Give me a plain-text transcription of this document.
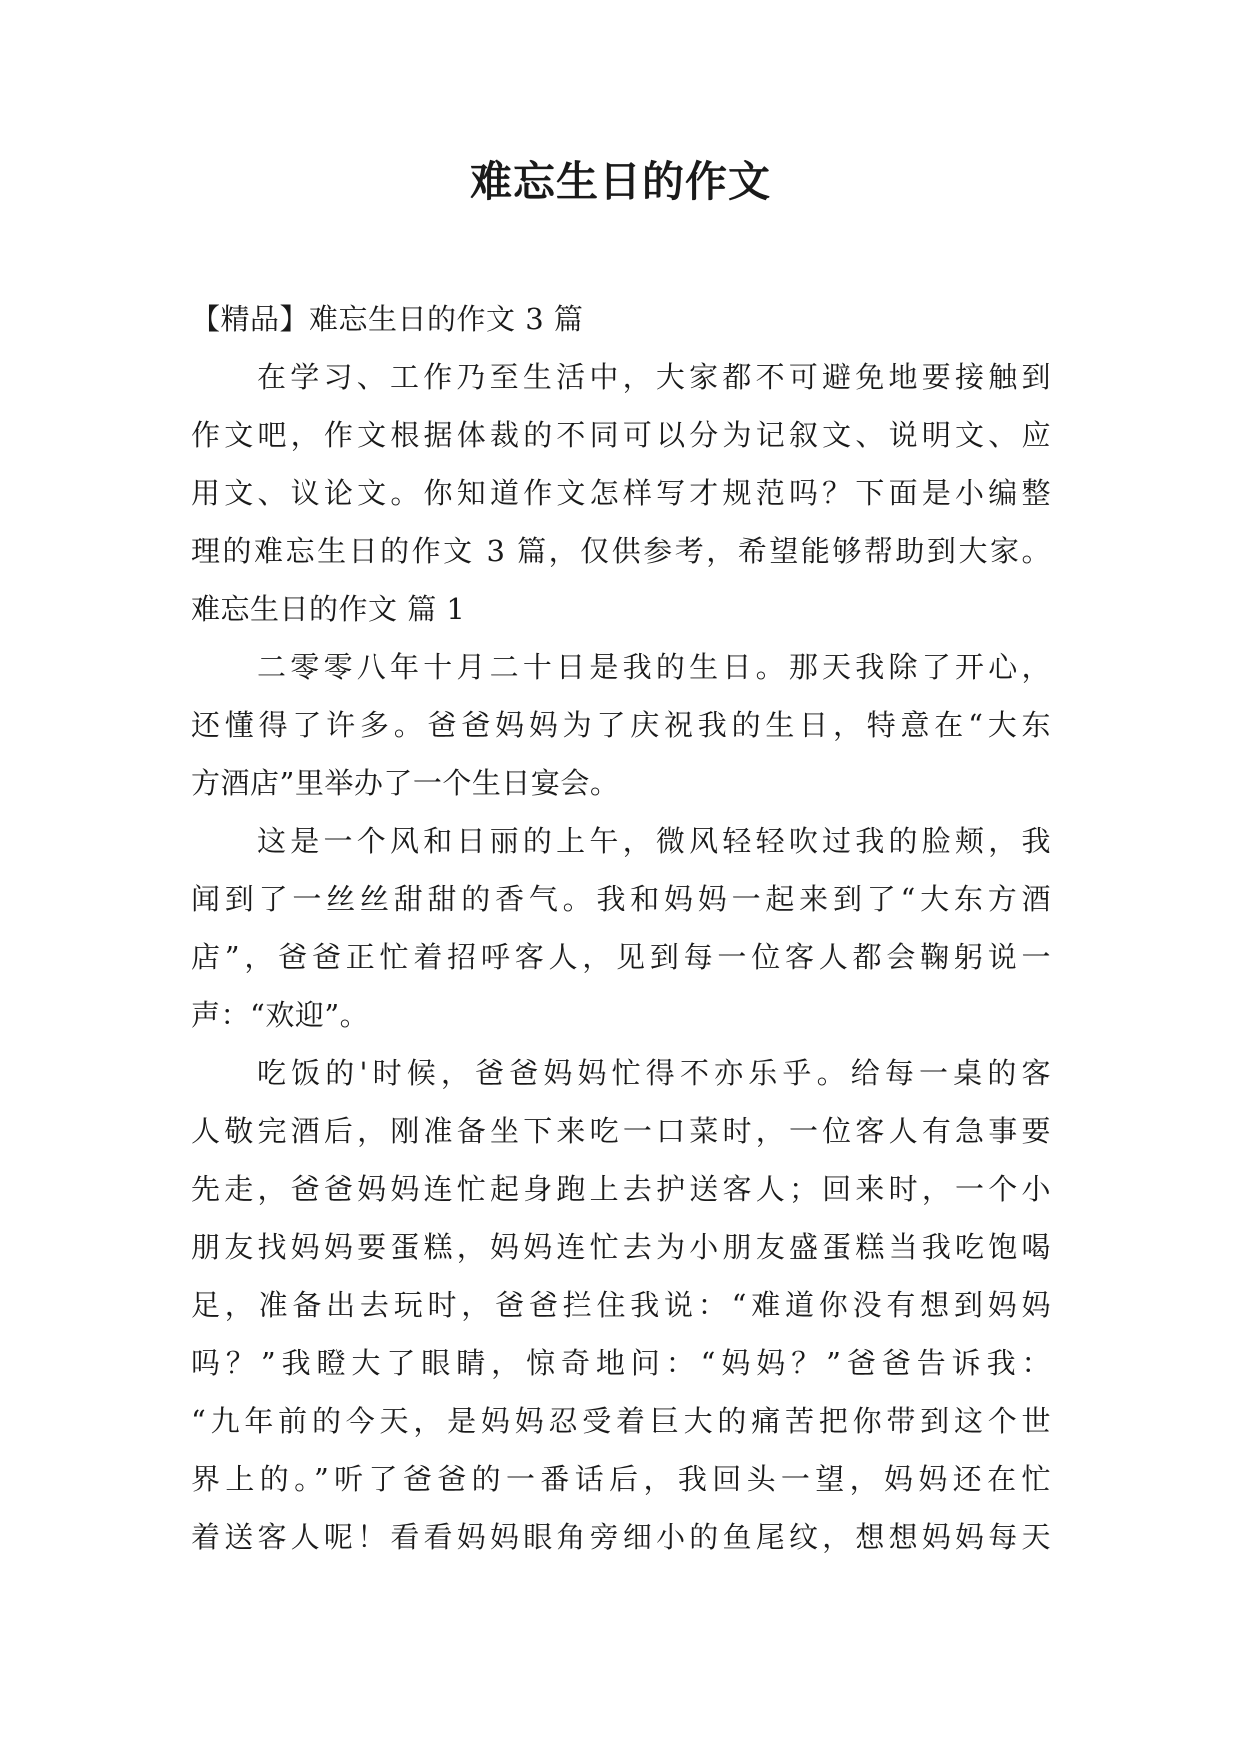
难忘生日的作文
【精品】难忘生日的作文 3 篇
在学习、工作乃至生活中，大家都不可避免地要接触到
作文吧，作文根据体裁的不同可以分为记叙文、说明文、应
用文、议论文。你知道作文怎样写才规范吗？下面是小编整
理的难忘生日的作文 3 篇，仅供参考，希望能够帮助到大家。
难忘生日的作文 篇 1
二零零八年十月二十日是我的生日。那天我除了开心，
还懂得了许多。爸爸妈妈为了庆祝我的生日，特意在“大东
方酒店”里举办了一个生日宴会。
这是一个风和日丽的上午，微风轻轻吹过我的脸颊，我
闻到了一丝丝甜甜的香气。我和妈妈一起来到了“大东方酒
店”，爸爸正忙着招呼客人，见到每一位客人都会鞠躬说一
声：“欢迎”。
吃饭的'时候，爸爸妈妈忙得不亦乐乎。给每一桌的客
人敬完酒后，刚准备坐下来吃一口菜时，一位客人有急事要
先走，爸爸妈妈连忙起身跑上去护送客人；回来时，一个小
朋友找妈妈要蛋糕，妈妈连忙去为小朋友盛蛋糕当我吃饱喝
足，准备出去玩时，爸爸拦住我说：“难道你没有想到妈妈
吗？”我瞪大了眼睛，惊奇地问：“妈妈？”爸爸告诉我：
“九年前的今天，是妈妈忍受着巨大的痛苦把你带到这个世
界上的。”听了爸爸的一番话后，我回头一望，妈妈还在忙
着送客人呢！看看妈妈眼角旁细小的鱼尾纹，想想妈妈每天
